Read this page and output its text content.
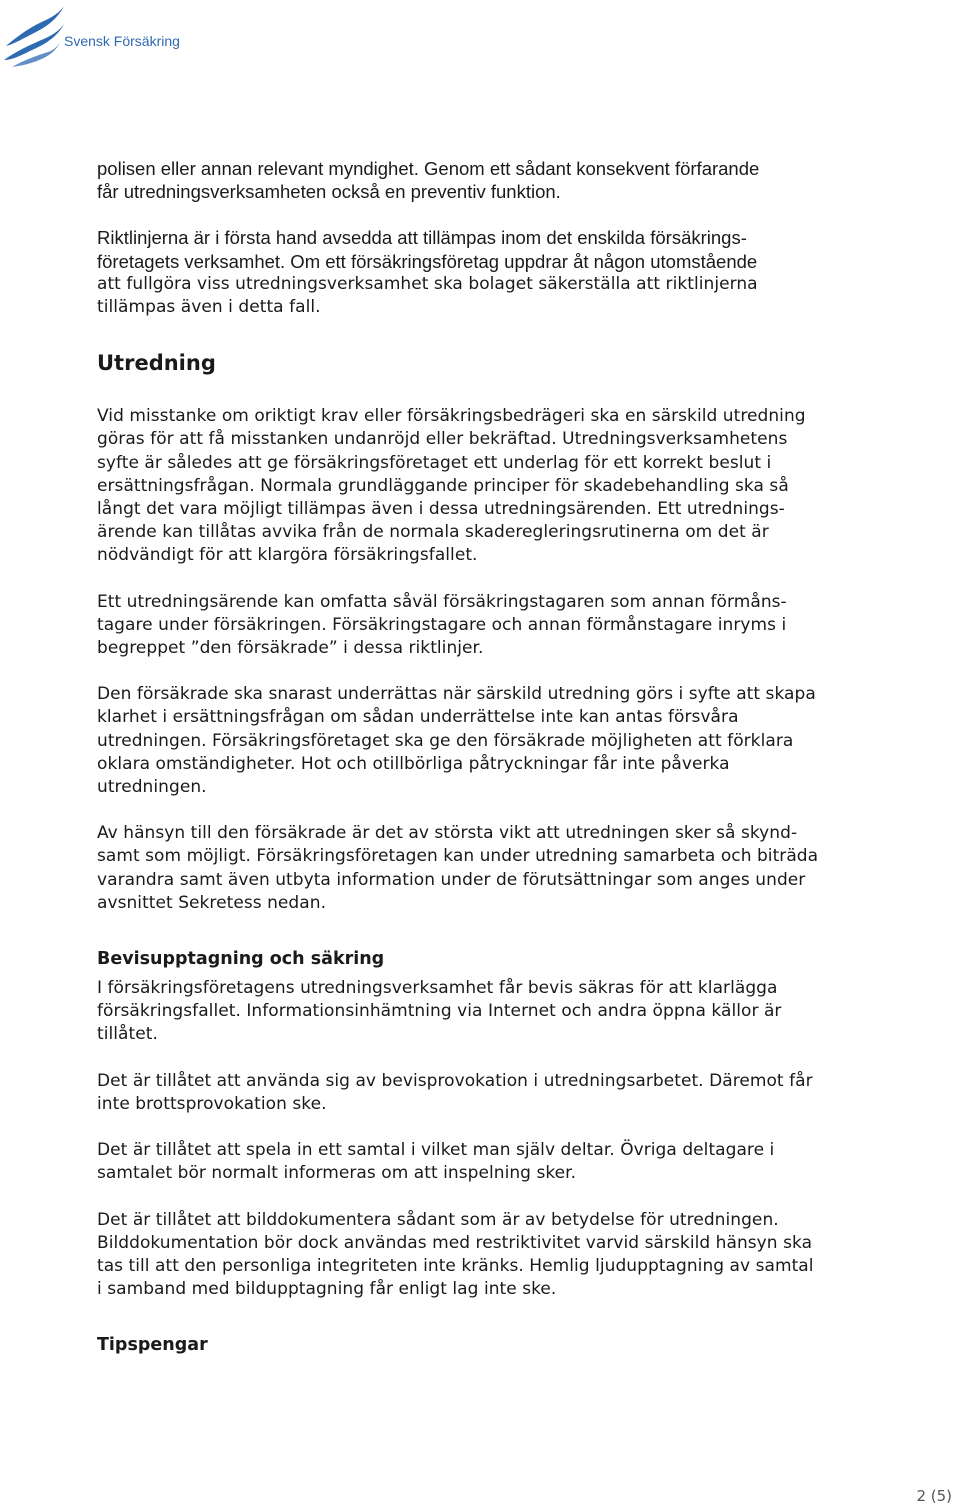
Svensk Försäkring

polisen eller annan relevant myndighet. Genom ett sådant konsekvent förfarande
får utredningsverksamheten också en preventiv funktion.

Riktlinjerna är i första hand avsedda att tillämpas inom det enskilda försäkrings-
företagets verksamhet. Om ett försäkringsföretag uppdrar åt någon utomstående

att fullgöra viss utredningsverksamhet ska bolaget säkerställa att riktlinjerna
tillämpas även i detta fall.

Utredning

Vid misstanke om oriktigt krav eller försäkringsbedrägeri ska en särskild utredning
göras för att få misstanken undanröjd eller bekräftad. Utredningsverksamhetens
syfte är således att ge försäkringsföretaget ett underlag för ett korrekt beslut i
ersättningsfrågan. Normala grundläggande principer för skadebehandling ska så
långt det vara möjligt tillämpas även i dessa utredningsärenden. Ett utrednings-
ärende kan tillåtas avvika från de normala skaderegleringsrutinerna om det är
nödvändigt för att klargöra försäkringsfallet.

Ett utredningsärende kan omfatta såväl försäkringstagaren som annan förmåns-
tagare under försäkringen. Försäkringstagare och annan förmånstagare inryms i
begreppet ”den försäkrade” i dessa riktlinjer.

Den försäkrade ska snarast underrättas när särskild utredning görs i syfte att skapa
klarhet i ersättningsfrågan om sådan underrättelse inte kan antas försvåra
utredningen. Försäkringsföretaget ska ge den försäkrade möjligheten att förklara
oklara omständigheter. Hot och otillbörliga påtryckningar får inte påverka
utredningen.

Av hänsyn till den försäkrade är det av största vikt att utredningen sker så skynd-
samt som möjligt. Försäkringsföretagen kan under utredning samarbeta och biträda
varandra samt även utbyta information under de förutsättningar som anges under
avsnittet Sekretess nedan.

Bevisupptagning och säkring

I försäkringsföretagens utredningsverksamhet får bevis säkras för att klarlägga
försäkringsfallet. Informationsinhämtning via Internet och andra öppna källor är
tillåtet.

Det är tillåtet att använda sig av bevisprovokation i utredningsarbetet. Däremot får
inte brottsprovokation ske.

Det är tillåtet att spela in ett samtal i vilket man själv deltar. Övriga deltagare i
samtalet bör normalt informeras om att inspelning sker.

Det är tillåtet att bilddokumentera sådant som är av betydelse för utredningen.
Bilddokumentation bör dock användas med restriktivitet varvid särskild hänsyn ska
tas till att den personliga integriteten inte kränks. Hemlig ljudupptagning av samtal
i samband med bildupptagning får enligt lag inte ske.

Tipspengar
2 (5)
